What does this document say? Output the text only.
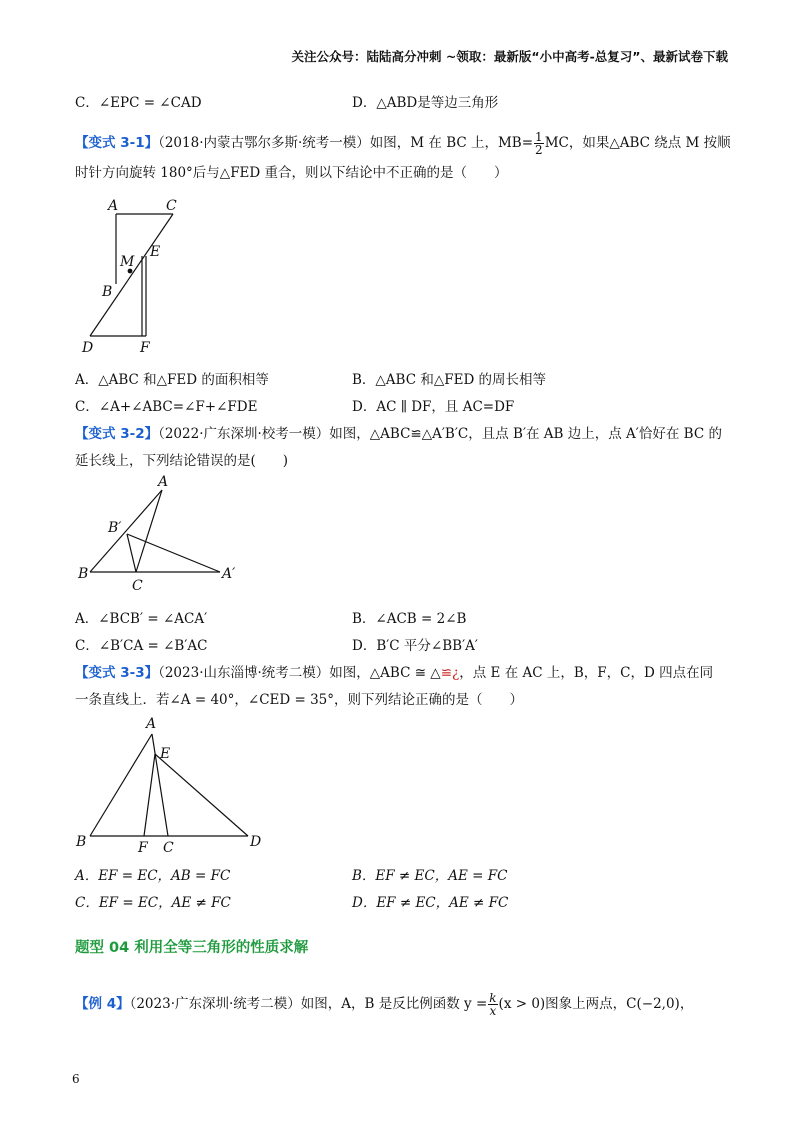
关注公众号：陆陆高分冲刺 ~领取：最新版“小中高考-总复习”、最新试卷下载
C．∠EPC = ∠CAD	D．△ABD是等边三角形
【变式 3-1】（2018·内蒙古鄂尔多斯·统考一模）如图，M 在 BC 上，$MB= \frac{1}{2}$ MC，如果△ABC 绕点 M 按顺
时针方向旋转 180°后与△FED 重合，则以下结论中不正确的是（　　）
A	C
M
E
B
D	F
A．△ABC 和△FED 的面积相等	B．△ABC 和△FED 的周长相等
C．∠A+∠ABC=∠F+∠FDE	D．AC ∥ DF，且 AC=DF
【变式 3-2】（2022·广东深圳·校考一模）如图，△ABC≌△A′B′C，且点 B′在 AB 边上，点 A′恰好在 BC 的
延长线上，下列结论错误的是(　　)
A
B′
B
C
A′
A．∠BCB′ = ∠ACA′	B．∠ACB = 2∠B
C．∠B′CA = ∠B′AC	D．B′C 平分∠BB′A′
【变式 3-3】（2023·山东淄博·统考二模）如图，△ABC ≅ △≌¿，点 E 在 AC 上，B，F，C，D 四点在同
一条直线上．若∠A = 40°，∠CED = 35°，则下列结论正确的是（　　）
A
E
B	F C	D
A．EF = EC，AB = FC	B．EF ≠ EC，AE = FC
C．EF = EC，AE ≠ FC	D．EF ≠ EC，AE ≠ FC
题型 04 利用全等三角形的性质求解
【例 4】（2023·广东深圳·统考二模）如图，A，B 是反比例函数 $y = \frac{k}{x} (x > 0)$图象上两点，C(−2,0)，
6
